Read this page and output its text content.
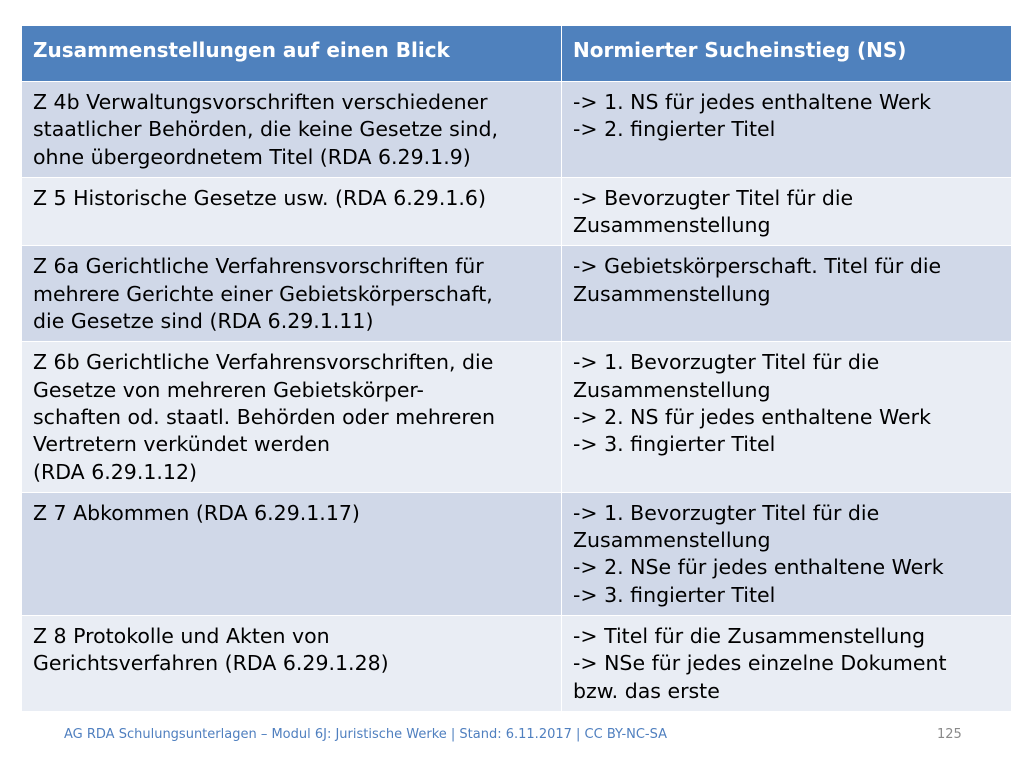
Zusammenstellungen auf einen Blick	Normierter Sucheinstieg (NS)
Z 4b Verwaltungsvorschriften verschiedener
staatlicher Behörden, die keine Gesetze sind,
ohne übergeordnetem Titel (RDA 6.29.1.9)	-> 1. NS für jedes enthaltene Werk
-> 2. fingierter Titel
Z 5 Historische Gesetze usw. (RDA 6.29.1.6)	-> Bevorzugter Titel für die
Zusammenstellung
Z 6a Gerichtliche Verfahrensvorschriften für
mehrere Gerichte einer Gebietskörperschaft,
die Gesetze sind (RDA 6.29.1.11)	-> Gebietskörperschaft. Titel für die
Zusammenstellung
Z 6b Gerichtliche Verfahrensvorschriften, die
Gesetze von mehreren Gebietskörper-
schaften od. staatl. Behörden oder mehreren
Vertretern verkündet werden
(RDA 6.29.1.12)	-> 1. Bevorzugter Titel für die
Zusammenstellung
-> 2. NS für jedes enthaltene Werk
-> 3. fingierter Titel
Z 7 Abkommen (RDA 6.29.1.17)	-> 1. Bevorzugter Titel für die
Zusammenstellung
-> 2. NSe für jedes enthaltene Werk
-> 3. fingierter Titel
Z 8 Protokolle und Akten von
Gerichtsverfahren (RDA 6.29.1.28)	-> Titel für die Zusammenstellung
-> NSe für jedes einzelne Dokument
bzw. das erste
AG RDA Schulungsunterlagen – Modul 6J: Juristische Werke | Stand: 6.11.2017 | CC BY-NC-SA	125
